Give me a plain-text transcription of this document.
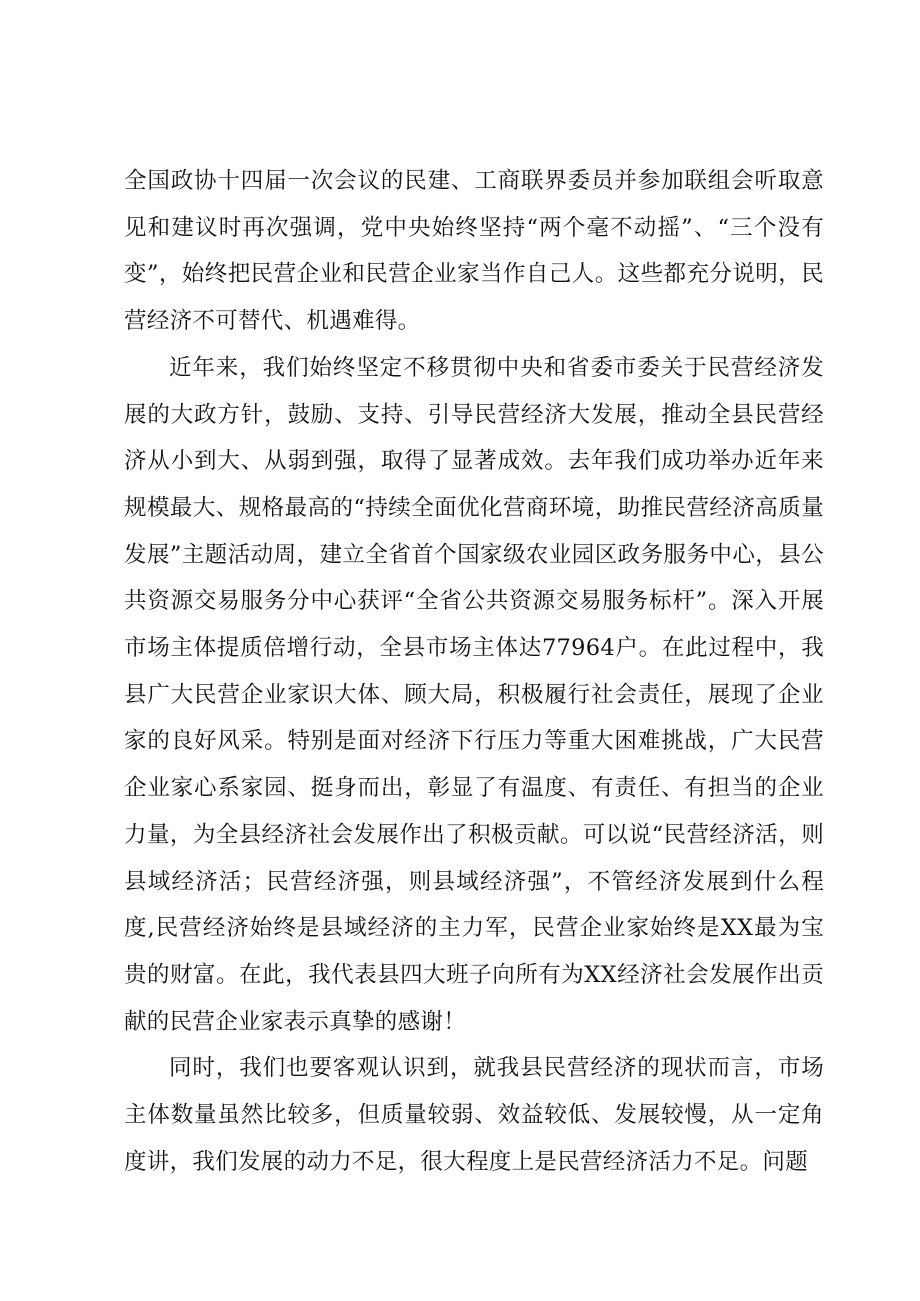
全国政协十四届一次会议的民建、工商联界委员并参加联组会听取意见和建议时再次强调，党中央始终坚持“两个毫不动摇”、“三个没有变”，始终把民营企业和民营企业家当作自己人。这些都充分说明，民营经济不可替代、机遇难得。

近年来，我们始终坚定不移贯彻中央和省委市委关于民营经济发展的大政方针，鼓励、支持、引导民营经济大发展，推动全县民营经济从小到大、从弱到强，取得了显著成效。去年我们成功举办近年来规模最大、规格最高的“持续全面优化营商环境，助推民营经济高质量发展”主题活动周，建立全省首个国家级农业园区政务服务中心，县公共资源交易服务分中心获评“全省公共资源交易服务标杆”。深入开展市场主体提质倍增行动，全县市场主体达77964户。在此过程中，我县广大民营企业家识大体、顾大局，积极履行社会责任，展现了企业家的良好风采。特别是面对经济下行压力等重大困难挑战，广大民营企业家心系家园、挺身而出，彰显了有温度、有责任、有担当的企业力量，为全县经济社会发展作出了积极贡献。可以说“民营经济活，则县域经济活；民营经济强，则县域经济强”，不管经济发展到什么程度,民营经济始终是县域经济的主力军，民营企业家始终是XX最为宝贵的财富。在此，我代表县四大班子向所有为XX经济社会发展作出贡献的民营企业家表示真挚的感谢！

同时，我们也要客观认识到，就我县民营经济的现状而言，市场主体数量虽然比较多，但质量较弱、效益较低、发展较慢，从一定角度讲，我们发展的动力不足，很大程度上是民营经济活力不足。问题
